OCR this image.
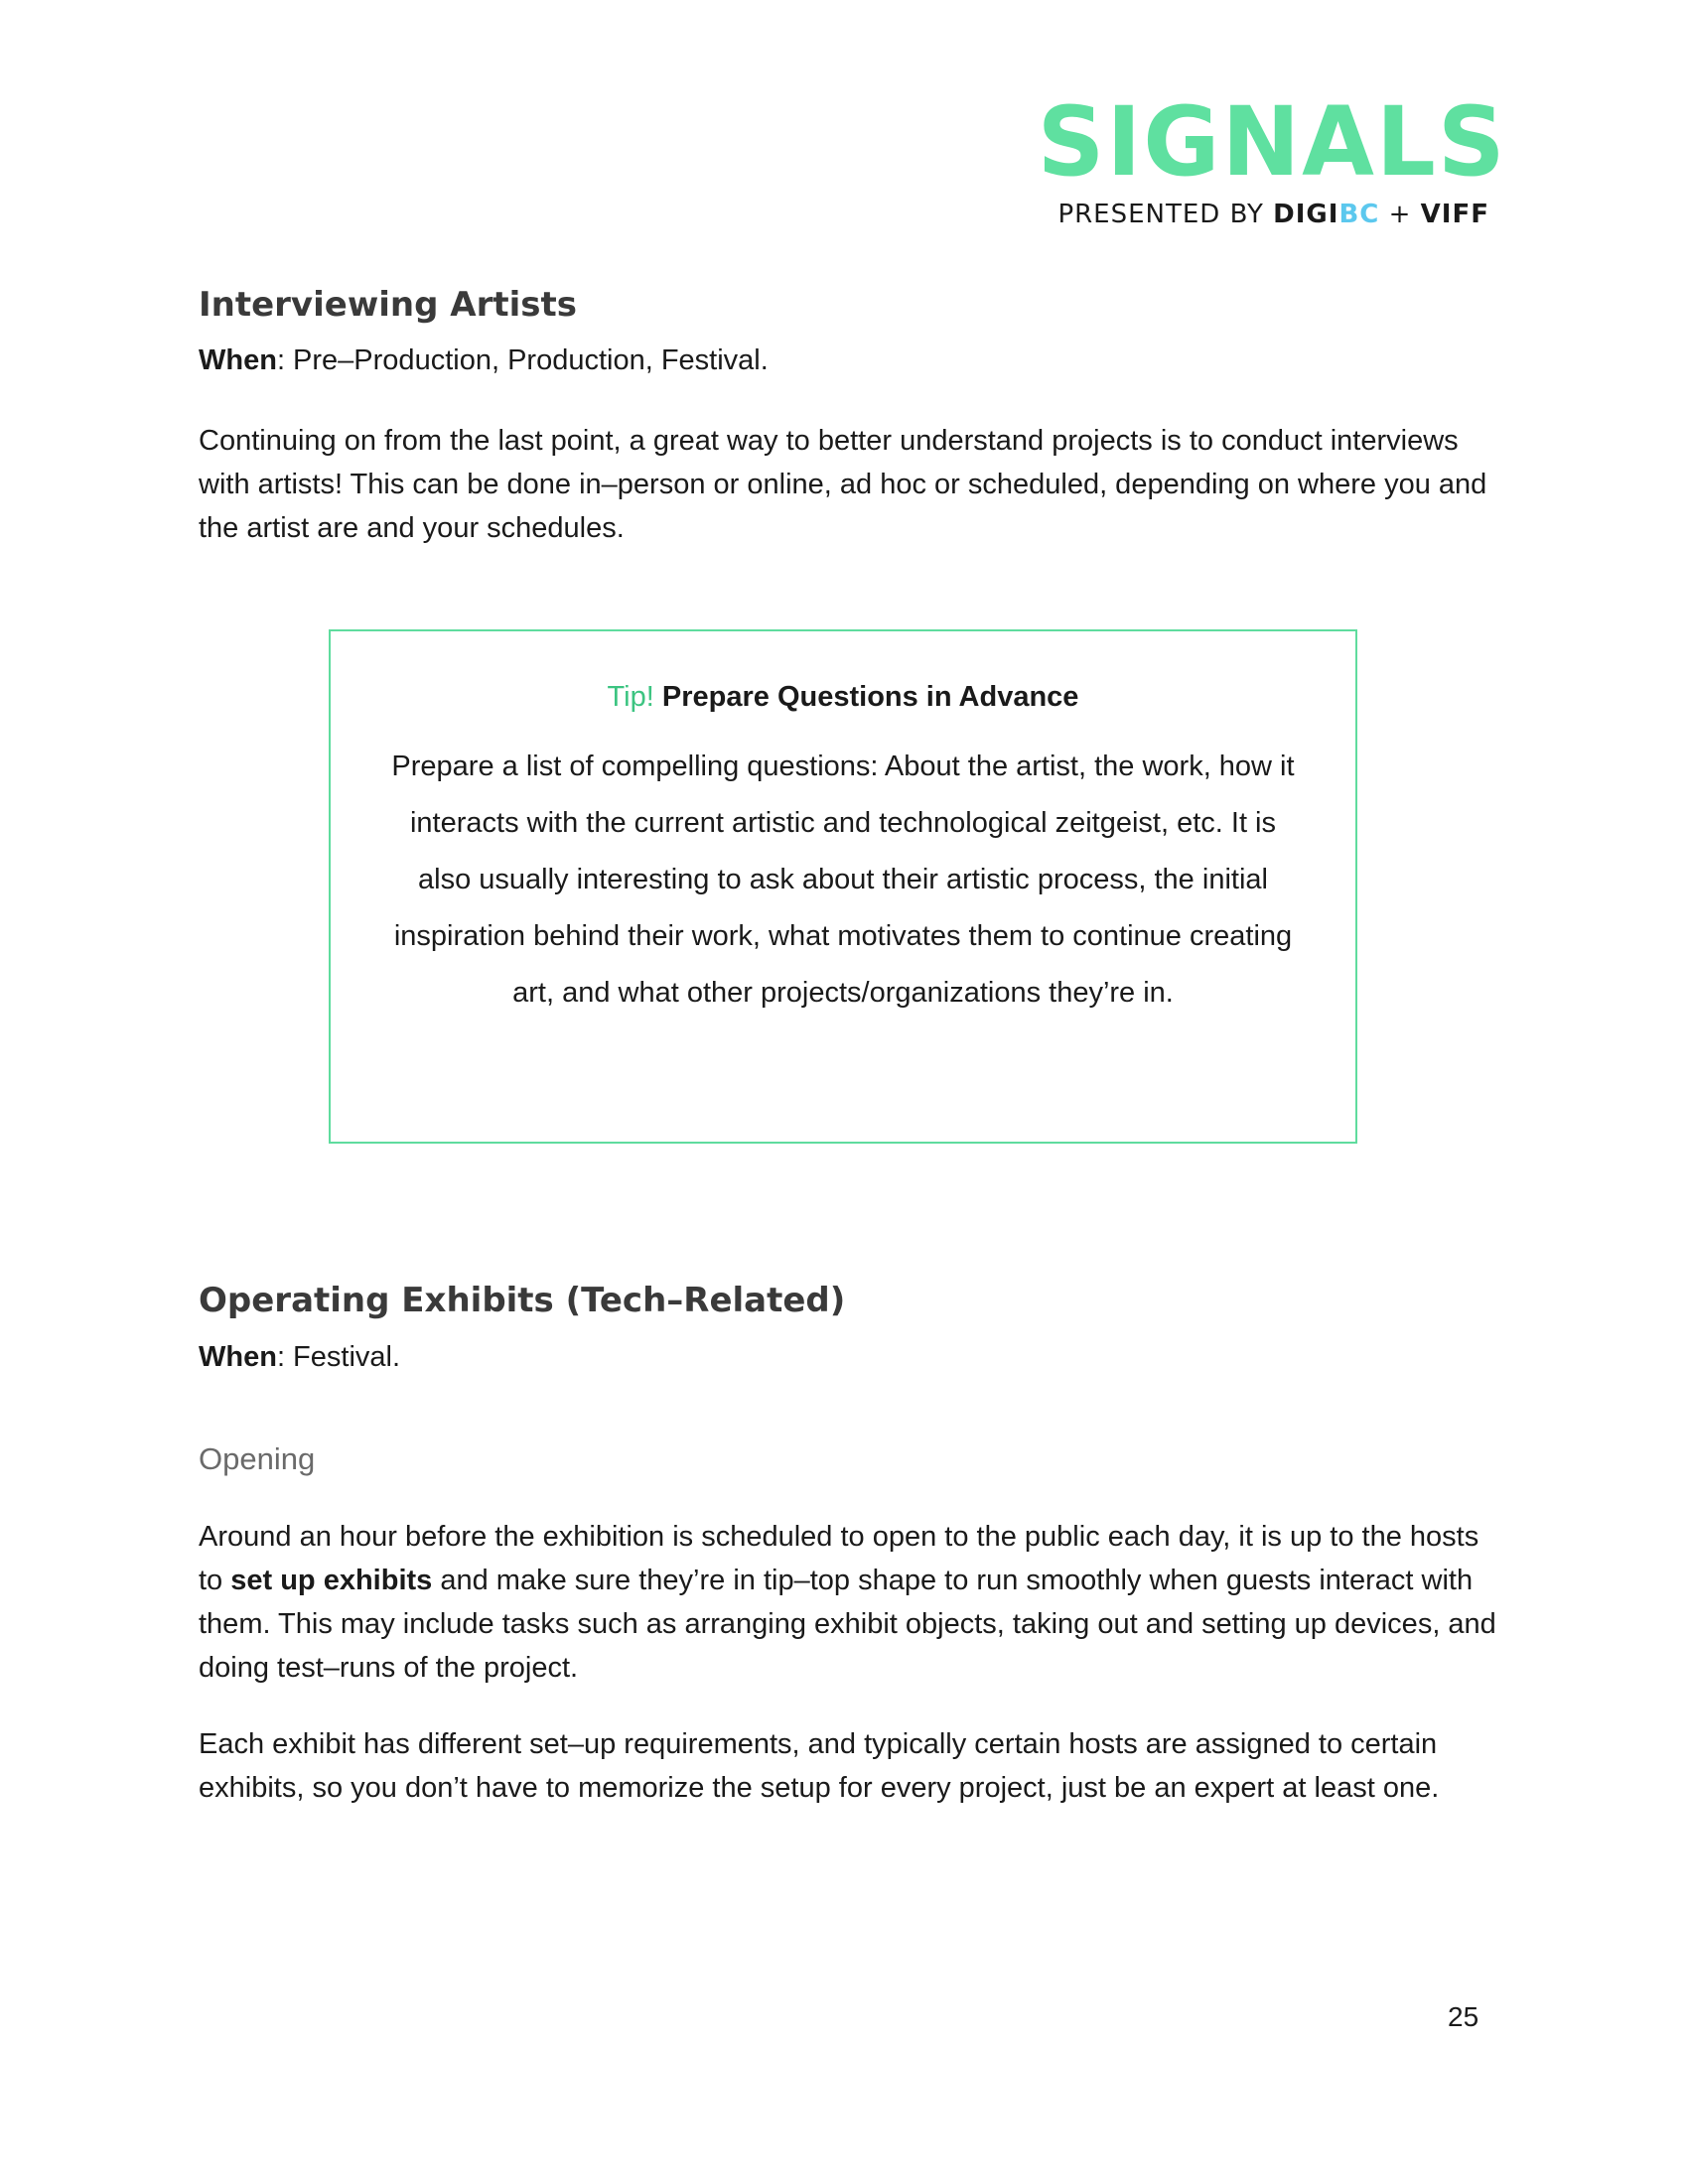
SIGNALS
PRESENTED BY DIGIBC + VIFF
Interviewing Artists

When: Pre–Production, Production, Festival.

Continuing on from the last point, a great way to better understand projects is to conduct interviews with artists! This can be done in–person or online, ad hoc or scheduled, depending on where you and the artist are and your schedules.

Tip! Prepare Questions in Advance

Prepare a list of compelling questions: About the artist, the work, how it interacts with the current artistic and technological zeitgeist, etc. It is also usually interesting to ask about their artistic process, the initial inspiration behind their work, what motivates them to continue creating art, and what other projects/organizations they’re in.

Operating Exhibits (Tech–Related)

When: Festival.

Opening

Around an hour before the exhibition is scheduled to open to the public each day, it is up to the hosts to set up exhibits and make sure they’re in tip–top shape to run smoothly when guests interact with them. This may include tasks such as arranging exhibit objects, taking out and setting up devices, and doing test–runs of the project.

Each exhibit has different set–up requirements, and typically certain hosts are assigned to certain exhibits, so you don’t have to memorize the setup for every project, just be an expert at least one.

25
